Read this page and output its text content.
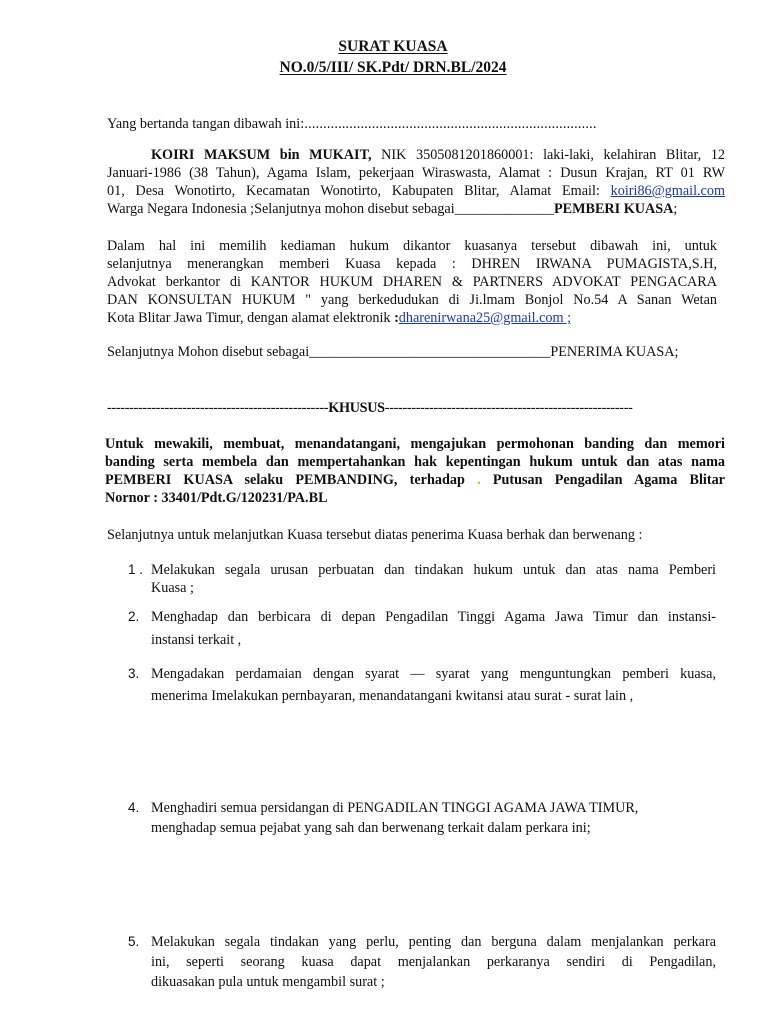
SURAT KUASA
NO.0/5/III/ SK.Pdt/ DRN.BL/2024
Yang bertanda tangan dibawah ini:..............................................................................
KOIRI MAKSUM bin MUKAIT, NIK 3505081201860001: laki-laki, kelahiran Blitar, 12
Januari-1986 (38 Tahun), Agama Islam, pekerjaan Wiraswasta, Alamat : Dusun Krajan, RT 01 RW
01, Desa Wonotirto, Kecamatan Wonotirto, Kabupaten Blitar, Alamat Email: koiri86@gmail.com
Warga Negara Indonesia ;Selanjutnya mohon disebut sebagai______________PEMBERI KUASA;
Dalam hal ini memilih kediaman hukum dikantor kuasanya tersebut dibawah ini, untuk
selanjutnya menerangkan memberi Kuasa kepada : DHREN IRWANA PUMAGISTA,S.H,
Advokat berkantor di KANTOR HUKUM DHAREN & PARTNERS ADVOKAT PENGACARA
DAN KONSULTAN HUKUM " yang berkedudukan di Ji.lmam Bonjol No.54 A Sanan Wetan
Kota Blitar Jawa Timur, dengan alamat elektronik :dharenirwana25@gmail.com ;
Selanjutnya Mohon disebut sebagai__________________________________PENERIMA KUASA;
--------------------------------------------------KHUSUS--------------------------------------------------------
Untuk mewakili, membuat, menandatangani, mengajukan permohonan banding dan memori
banding serta membela dan mempertahankan hak kepentingan hukum untuk dan atas nama
PEMBERI KUASA selaku PEMBANDING, terhadap . Putusan Pengadilan Agama Blitar
Nornor : 33401/Pdt.G/120231/PA.BL
Selanjutnya untuk melanjutkan Kuasa tersebut diatas penerima Kuasa berhak dan berwenang :
1 . Melakukan segala urusan perbuatan dan tindakan hukum untuk dan atas nama Pemberi
Kuasa ;
2. Menghadap dan berbicara di depan Pengadilan Tinggi Agama Jawa Timur dan instansi-
instansi terkait ,
3. Mengadakan perdamaian dengan syarat — syarat yang menguntungkan pemberi kuasa,
menerima Imelakukan pernbayaran, menandatangani kwitansi atau surat - surat lain ,
4. Menghadiri semua persidangan di PENGADILAN TINGGI AGAMA JAWA TIMUR,
menghadap semua pejabat yang sah dan berwenang terkait dalam perkara ini;
5. Melakukan segala tindakan yang perlu, penting dan berguna dalam menjalankan perkara
ini, seperti seorang kuasa dapat menjalankan perkaranya sendiri di Pengadilan,
dikuasakan pula untuk mengambil surat ;
